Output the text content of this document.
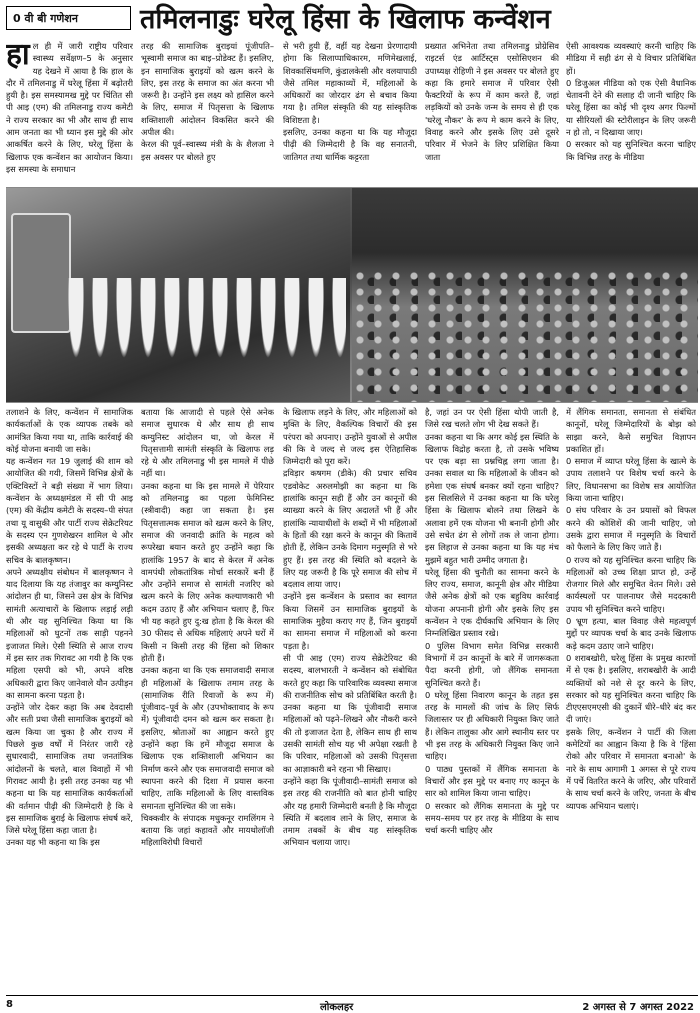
0 वी बी गणेशन	तमिलनाडुः घरेलू हिंसा के खिलाफ कन्वेंशन
हा ल ही में जारी राष्ट्रीय परिवार स्वास्थ्य सर्वेक्षण–5 के अनुसार यह देखने में आया है कि हाल के दौर में तमिलनाडु में घरेलू हिंसा में बढ़ोतरी हुयी है। इस समस्यामख मुद्दे पर चिंतित सी पी आइ (एम) की तमिलनाडु राज्य कमेटी ने राज्य सरकार का भी और साथ ही साथ आम जनता का भी ध्यान इस मुद्दे की ओर आकर्षित करने के लिए, घरेलू हिंसा के खिलाफ एक कन्वेंशन का आयोजन किया। इस समस्या के समाधान
तरह की सामाजिक बुराइयां पूंजीपति–भूस्वामी समाज का बाइ–प्रोडेक्ट हैं। इसलिए, इन सामाजिक बुराइयों को खत्म करने के लिए, इस तरह के समाज का अंत करना भी जरूरी है। उन्होंने इस लक्ष्य को हासिल करने के लिए, समाज में पितृसत्ता के खिलाफ शक्तिशाली आंदोलन विकसित करने की अपील की।
केरल की पूर्व–स्वास्थ्य मंत्री के के शैलजा ने इस अवसर पर बोलते हुए
से भरी हुयी हैं, वहीं यह देखना प्रेरणादायी होगा कि सिलाप्पाधिकारम, मणिमेखलाई, शिवकासिंथमणि, कुंडालकेसी और वलयापाठी जैसे तमिल महाकाव्यों में, महिलाओं के अधिकारों का जोरदार ढंग से बचाव किया गया है। तमिल संस्कृति की यह सांस्कृतिक विशिष्टता है।
इसलिए, उनका कहना था कि यह मौजूदा पीढ़ी की जिम्मेदारी है कि वह सनातनी, जातिगत तथा धार्मिक कट्टरता
प्रख्यात अभिनेता तथा तमिलनाडु प्रोग्रेसिव राइटर्स एंड आर्टिस्ट्स एसोसिएशन की उपाध्यक्ष रोहिणी ने इस अवसर पर बोलते हुए कहा कि हमारे समाज में परिवार ऐसी फैक्टरियों के रूप में काम करते हैं, जहां लड़कियों को उनके जन्म के समय से ही एक 'घरेलू नौकर' के रूप मे काम करने के लिए, विवाह करने और इसके लिए उसे दूसरे परिवार में भेजने के लिए प्रशिक्षित किया जाता
ऐसी आवश्यक व्यवस्थाएं करनी चाहिए कि मीडिया में सही ढंग से ये विचार प्रतिबिंबित हों।
0 डिजुअल मीडिया को एक ऐसी वैधानिक चेतावनी देने की सलाह दी जानी चाहिए कि घरेलू हिंसा का कोई भी दृश्य अगर फिल्मों या सीरियलों की स्टोरीलाइन के लिए जरूरी न हो तो, न दिखाया जाए।
0 सरकार को यह सुनिश्चित करना चाहिए कि विभिन्न तरह के मीडिया
तलाशने के लिए, कन्वेंशन में सामाजिक कार्यकर्ताओं के एक व्यापक तबके को आमंत्रित किया गया था, ताकि कार्रवाई की कोई योजना बनायी जा सके।
यह कन्वेंशन गत 19 जुलाई की शाम को आयोजित की गयी, जिसमें विभिन्न क्षेत्रों के एक्टिविस्टों ने बड़ी संख्या में भाग लिया। कन्वेंशन के अध्यक्षमंडल में सी पी आइ (एम) की केंद्रीय कमेटी के सदस्य–पी संपत तथा यू वासुकी और पार्टी राज्य सेक्रेटरियट के सदस्य एन गुणशेखरन शामिल थे और इसकी अध्यक्षता कर रहे थे पार्टी के राज्य सचिव के बालकृष्णन।
अपने अध्यक्षीय संबोधन में बालकृष्णन ने याद दिलाया कि यह तंजावुर का कम्युनिस्ट आंदोलन ही था, जिसने उस क्षेत्र के विभिन्न सामंती अत्याचारों के खिलाफ लड़ाई लड़ी थी और यह सुनिश्चित किया था कि महिलाओं को घुटनों तक साड़ी पहनने इजाजत मिले। ऐसी स्थिति से आज राज्य में इस स्तर तक गिरावट आ गयी है कि एक महिला एसपी को भी, अपने वरिष्ठ अधिकारी द्वारा किए जानेवाले यौन उत्पीड़न का सामना करना पड़ता है।
उन्होंने जोर देकर कहा कि अब देवदासी और सती प्रथा जैसी सामाजिक बुराइयों को खत्म किया जा चुका है और राज्य में पिछले कुछ वर्षों में निरंतर जारी रहे सुधारवादी, सामाजिक तथा जनतांत्रिक आंदोलनों के चलते, बाल विवाहों में भी गिरावट आयी है। इसी तरह उनका यह भी कहना था कि यह सामाजिक कार्यकर्ताओं की वर्तमान पीढ़ी की जिम्मेदारी है कि वे इस सामाजिक बुराई के खिलाफ संघर्ष करें, जिसे घरेलू हिंसा कहा जाता है।
उनका यह भी कहना था कि इस
बताया कि आजादी से पहले ऐसे अनेक समाज सुधारक थे और साथ ही साथ कम्युनिस्ट आंदोलन था, जो केरल में पितृसत्तामी सामंती संस्कृति के खिलाफ लड़ रहे थे और तमिलनाडु भी इस मामले में पीछे नहीं था।
उनका कहना था कि इस मामले में पेरियार को तमिलनाडु का पहला फेमिनिस्ट (स्त्रीवादी) कहा जा सकता है। इस पितृसत्तात्मक समाज को खत्म करने के लिए, समाज की जनवादी क्रांति के महत्व को रूपरेखा बयान करते हुए उन्होंने कहा कि हालांकि 1957 के बाद से केरल में अनेक वामपंथी लोकतांत्रिक मोर्चा सरकारें बनी हैं और उन्होंने समाज से सामंती नजरिए को खत्म करने के लिए अनेक कल्याणकारी भी कदम उठाए हैं और अभियान चलाए हैं, फिर भी यह कहते हुए दु:ख होता है कि केरल की 30 फीसद से अधिक महिलाएं अपने घरों में किसी न किसी तरह की हिंसा को शिकार होती हैं।
उनका कहना था कि एक समाजवादी समाज ही महिलाओं के खिलाफ तमाम तरह के (सामाजिक रीति रिवाजों के रूप में) पूंजीवाद–पूर्व के और (उपभोक्तावाद के रूप में) पूंजीवादी दमन को खत्म कर सकता है। इसलिए, श्रोताओं का आह्वान करते हुए उन्होंने कहा कि हमें मौजूदा समाज के खिलाफ एक शक्तिशाली अभियान का निर्माण करने और एक समाजवादी समाज को स्थापना करने की दिशा में प्रयास करना चाहिए, ताकि महिलाओं के लिए वास्तविक समानता सुनिश्चित की जा सके।
चिक्कवीर के संपादक मधुकनूर रामलिंगम ने बताया कि जहां कहावतें और मायथोलॉजी महिलाविरोधी विचारों
के खिलाफ लड़ने के लिए, और महिलाओं को मुक्ति के लिए, वैकल्पिक विचारों की इस परंपरा को अपनाए। उन्होंने युवाओं से अपील की कि वे जल्द से जल्द इस ऐतिहासिक जिम्मेदारी को पूरा करें।
द्रविड़ार कषगम (डीके) की प्रचार सचिव एडवोकेट अरुलमोझी का कहना था कि हालांकि कानून सही हैं और उन कानूनों की व्याख्या करने के लिए अदालतें भी हैं और हालांकि न्यायाधीशों के शब्दों में भी महिलाओं के हितों की रक्षा करने के कानून की कितावें होती हैं, लेकिन उनके दिमाग मनुस्मृति से भरे हुए हैं। इस तरह की स्थिति को बदलने के लिए यह जरूरी है कि पूरे समाज की सोच में बदलाव लाया जाए।
उन्होंने इस कन्वेंशन के प्रस्ताव का स्वागत किया जिसमें उन सामाजिक बुराइयों के सामाजिक मुहैया कराए गए हैं, जिन बुराइयों का सामना समाज में महिलाओं को करना पड़ता है।
सी पी आइ (एम) राज्य सेक्रेटेरियट की सदस्य, बालभारती ने कन्वेंशन को संबोधित करते हुए कहा कि पारिवारिक व्यवस्था समाज की राजनीतिक सोच को प्रतिबिंबित करती है। उनका कहना था कि पूंजीवादी समाज महिलाओं को पढ़ने–लिखने और नौकरी करने की तो इजाजत देता है, लेकिन साथ ही साथ उसकी सामंती सोच यह भी अपेक्षा रखती है कि परिवार, महिलाओं को उसकी पितृसत्ता का आज्ञाकारी बने रहना भी सिखाए।
उन्होंने कहा कि पूंजीवादी–सामंती समाज को इस तरह की राजनीति को बात होनी चाहिए और यह हमारी जिम्मेदारी बनती है कि मौजूदा स्थिति में बदलाव लाने के लिए, समाज के तमाम तबकों के बीच यह सांस्कृतिक अभियान चलाया जाए।
है, जहां उन पर ऐसी हिंसा थोपी जाती है, जिसे रख चलते लोग भी देख सकते हैं।
उनका कहना था कि अगर कोई इस स्थिति के खिलाफ विद्रोह करता है, तो उसके भविष्य पर एक बड़ा सा प्रश्नचिह्न लगा जाता है। उनका सवाल था कि महिलाओं के जीवन को हमेशा एक संघर्ष बनकर क्यों रहना चाहिए? इस सिलसिले में उनका कहना था कि घरेलू हिंसा के खिलाफ बोलने तथा लिखने के अलावा हमें एक योजना भी बनानी होगी और उसे सचेत ढंग से लोगों तक ले जाना होगा। इस लिहाज से उनका कहना था कि यह मंच मुझमें बहुत भारी उम्मीद जगाता है।
घरेलू हिंसा की चुनौती का सामना करने के लिए राज्य, समाज, कानूनी क्षेत्र और मीडिया जैसे अनेक क्षेत्रों को एक बहुविध कार्रवाई योजना अपनानी होगी और इसके लिए इस कन्वेंशन ने एक दीर्घकाधि अभियान के लिए निम्नलिखित प्रस्ताव रखे।
0 पुलिस विभाग समेत विभिन्न सरकारी विभागों में उन कानूनों के बारे में जागरूकता पैदा करनी होगी, जो लैंगिक समानता सुनिश्चित करते हैं।
0 घरेलू हिंसा निवारण कानून के तहत इस तरह के मामलों की जांच के लिए सिर्फ जिलास्तर पर ही अधिकारी नियुक्त किए जाते हैं। लेकिन तालुका और आगे स्थानीय स्तर पर भी इस तरह के अधिकारी नियुक्त किए जाने चाहिए।
0 पाठ्य पुस्तकों में लैंगिक समानता के विचारों और इस मुद्दे पर बनाए गए कानून के सार को शामिल किया जाना चाहिए।
0 सरकार को लैंगिक समानता के मुद्दे पर समय–समय पर हर तरह के मीडिया के साथ चर्चा करनी चाहिए और
में लैंगिक समानता, समानता से संबंधित कानूनों, घरेलू जिम्मेदारियों के बोझ को साझा करने, कैसे समुचित विज्ञापन प्रकाशित हों।
0 समाज में व्याप्त घरेलू हिंसा के खात्मे के उपाय तलाशने पर विशेष चर्चा करने के लिए, विधानसभा का विशेष सत्र आयोजित किया जाना चाहिए।
0 संघ परिवार के उन प्रयासों को विफल करने की कोशिशें की जानी चाहिए, जो उसके द्वारा समाज में मनुस्मृति के विचारों को फैलाने के लिए किए जाते हैं।
0 राज्य को यह सुनिश्चित करना चाहिए कि महिलाओं को उच्च शिक्षा प्राप्त हो, उन्हें रोजगार मिले और समुचित वेतन मिले। उसे कार्यस्थलों पर पालनाघर जैसे मददकारी उपाय भी सुनिश्चित करने चाहिए।
0 भ्रूण हत्या, बाल विवाह जैसे महत्वपूर्ण मुद्दों पर व्यापक चर्चा के बाद उनके खिलाफ कड़े कदम उठाए जाने चाहिए।
0 शराबखोरी, घरेलू हिंसा के प्रमुख कारणों में से एक है। इसलिए, शराबखोरी के आदी व्यक्तियों को नशे से दूर करने के लिए, सरकार को यह सुनिश्चित करना चाहिए कि टीएएसएमएसी की दुकानें धीरे–धीरे बंद कर दी जाएं।
इसके लिए, कन्वेंशन ने पार्टी की जिला कमेटियों का आह्वान किया है कि वे 'हिंसा रोको और परिवार में समानता बनाओ' के नारे के साथ आगामी 1 अगस्त से पूरे राज्य में पर्चे वितरित करने के जरिए, और परिवारों के साथ चर्चा करने के जरिए, जनता के बीच व्यापक अभियान चलाएं।
8	लोकलहर	2 अगस्त से 7 अगस्त 2022
